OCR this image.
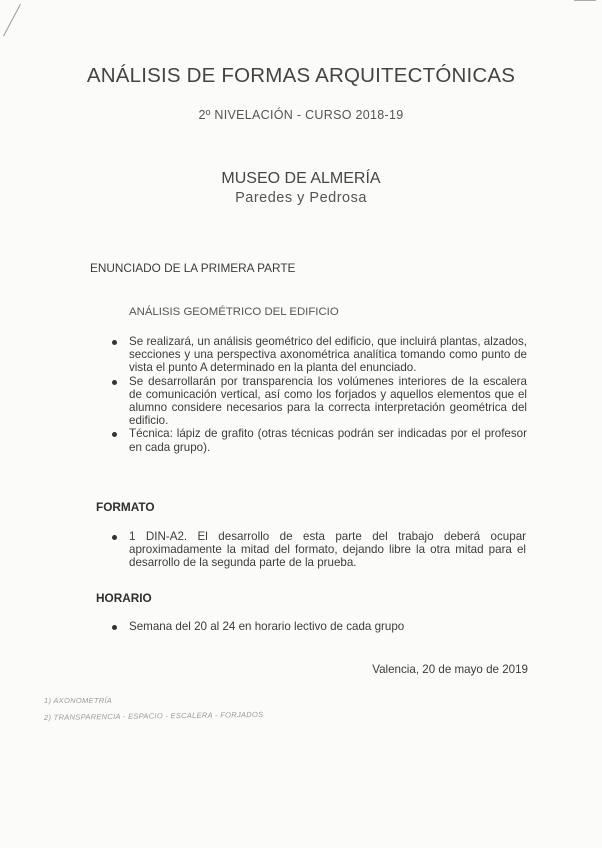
ANÁLISIS DE FORMAS ARQUITECTÓNICAS
2º NIVELACIÓN - CURSO 2018-19
MUSEO DE ALMERÍA
Paredes y Pedrosa
ENUNCIADO DE LA PRIMERA PARTE
ANÁLISIS GEOMÉTRICO DEL EDIFICIO
Se realizará, un análisis geométrico del edificio, que incluirá plantas, alzados, secciones y una perspectiva axonométrica analítica tomando como punto de vista el punto A determinado en la planta del enunciado.
Se desarrollarán por transparencia los volúmenes interiores de la escalera de comunicación vertical, así como los forjados y aquellos elementos que el alumno considere necesarios para la correcta interpretación geométrica del edificio.
Técnica: lápiz de grafito (otras técnicas podrán ser indicadas por el profesor en cada grupo).
FORMATO
1 DIN-A2. El desarrollo de esta parte del trabajo deberá ocupar aproximadamente la mitad del formato, dejando libre la otra mitad para el desarrollo de la segunda parte de la prueba.
HORARIO
Semana del 20 al 24 en horario lectivo de cada grupo
Valencia, 20 de mayo de 2019
1) AXONOMETRÍA
2) TRANSPARENCIA - ESPACIO - ESCALERA - FORJADOS
